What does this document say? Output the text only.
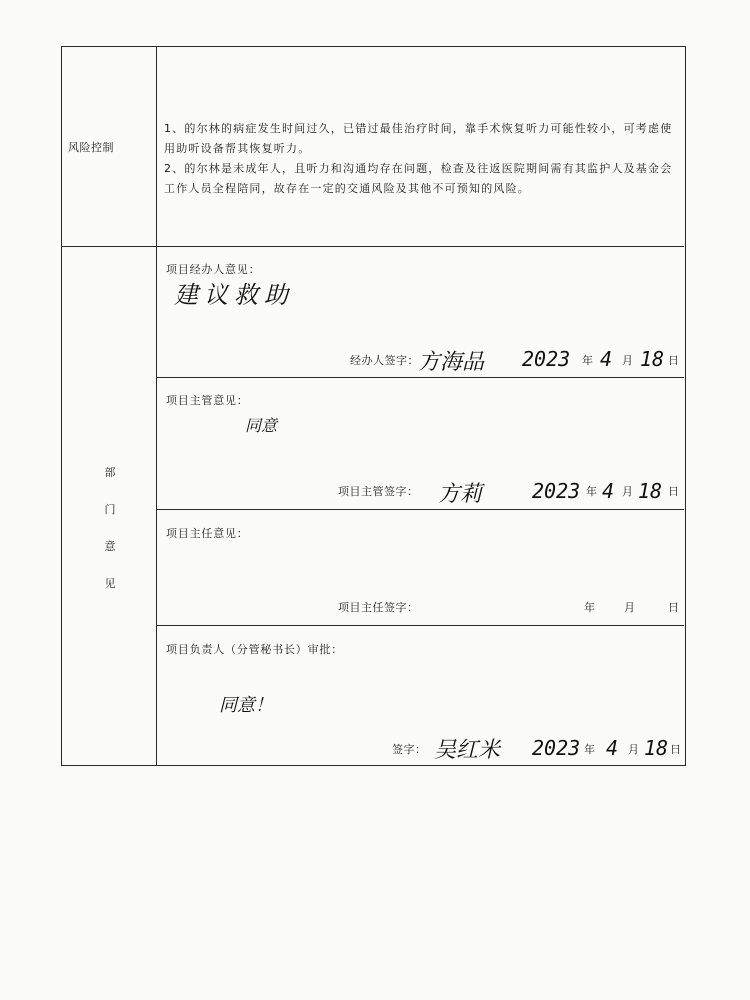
风险控制

1、的尔林的病症发生时间过久，已错过最佳治疗时间，靠手术恢复听力可能性较小，可考虑使用助听设备帮其恢复听力。

2、的尔林是未成年人，且听力和沟通均存在问题，检查及往返医院期间需有其监护人及基金会工作人员全程陪同，故存在一定的交通风险及其他不可预知的风险。

部
门
意
见
项目经办人意见：
建议救助
经办人签字： 方海品 2023 年 4 月 18 日
项目主管意见：
同意
项目主管签字： 方莉 2023 年 4 月 18 日
项目主任意见：
项目主任签字：	年	月	日
项目负责人（分管秘书长）审批：
同意！
签字： 吴红米 2023 年 4 月 18 日
